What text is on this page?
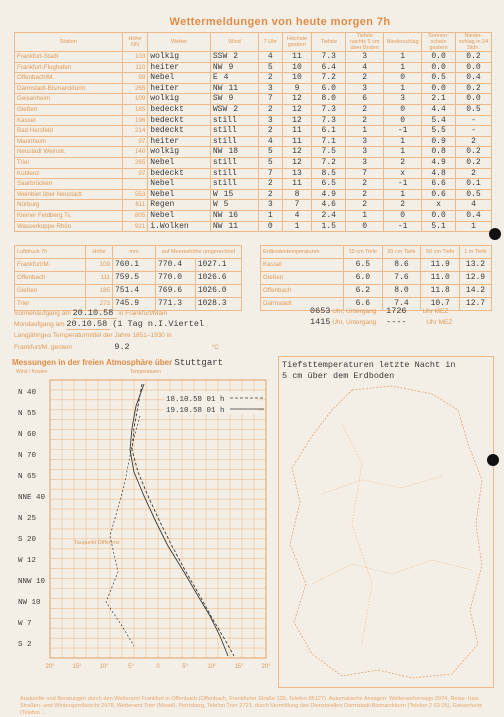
Wettermeldungen von heute morgen 7h
Station	Höhe NN	Wetter	Wind	7 Uhr	Höchste gestern	Tiefste	Tiefste nachts 5 cm über Boden	Niederschlag	Sonnen-schein gestern	Nieder-schlag in 24 Stdn.
Frankfurt-Stadt	103	wolkig	SSW 2	4	11	7.3	3	1	0.0	0.2
Frankfurt-Flughafen	110	heiter	NW 9	5	10	6.4	4	1	0.0	0.0
Offenbach/M.	99	Nebel	E 4	2	10	7.2	2	0	0.5	0.4
Darmstadt-Bismarckturm	265	heiter	NW 11	3	9	6.0	3	1	0.0	0.2
Geisenheim	109	wolkig	SW 9	7	12	8.0	6	3	2.1	0.0
Gießen	185	bedeckt	WSW 2	2	12	7.3	2	0	4.4	0.5
Kassel	196	bedeckt	still	3	12	7.3	2	0	5.4	-
Bad Hersfeld	214	bedeckt	still	2	11	6.1	1	-1	5.5	-
Mannheim	97	heiter	still	4	11	7.1	3	1	0.9	2
Neustadt Weinstr.	140	wolkig	NW 18	5	12	7.5	3	1	0.8	0.2
Trier	265	Nebel	still	5	12	7.2	3	2	4.9	0.2
Koblenz	97	bedeckt	still	7	13	8.5	7	x	4.8	2
Saarbrücken		Nebel	still	2	11	6.5	2	-1	6.6	0.1
Weinbiet über Neustadt	553	Nebel	W 15	2	8	4.9	2	1	0.6	0.5
Nürburg	611	Regen	W 5	3	7	4.6	2	2	x	4
Kleiner Feldberg Ts.	805	Nebel	NW 16	1	4	2.4	1	0	0.0	0.4
Wasserkuppe Rhön	921	i.Wolken	NW 11	0	1	1.5	0	-1	5.1	1
Luftdruck 7h	Höhe	mm	auf Meereshöhe umgerechnet	
Frankfurt/M.	109	760.1	770.4	1027.1
Offenbach	111	759.5	770.0	1026.6
Gießen	185	751.4	769.6	1026.0
Trier	273	745.9	771.3	1028.3
Erdbodentemperaturen	10 cm Tiefe	20 cm Tiefe	50 cm Tiefe	1 m Tiefe
Kassel	6.5	8.6	11.9	13.2
Gießen	6.0	7.6	11.0	12.9
Offenbach	6.2	8.0	11.8	14.2
Darmstadt	6.6	7.4	10.7	12.7
Sonnenaufgang am 20.10.58 in Frankfurt/Main
Mondaufgang am 20.10.58 (1 Tag n.I.Viertel
0653 Uhr, Untergang 1726 Uhr MEZ
1415 Uhr, Untergang ----	Uhr MEZ
Langjähriges Temperaturmittel der Jahre 1851–1930 in
Frankfurt/M. gestern	9.2	°C
Messungen in der freien Atmosphäre über Stuttgart
Wind / Knoten	Temperaturen
N 40
N 55
N 60
N 70
N 65
NNE 40
N 25
S 20
W 12
NNW 10
NW 10
W 7
S 2
20°	15°	10°	5°	0	5°	10°	15°	20°
18.10.58 01 h
19.10.58 01 h
Taupunkt Differenz
Tiefsttemperaturen letzte Nacht in
5 cm über dem Erdboden
Auskünfte und Beratungen durch den Wetteramt Frankfurt in Offenbach (Offenbach, Frankfurter Straße 135, Telefon 85127). Automatische Ansagen: Wettervorhersage 2974, Reise- bzw. Straßen- und Wintersportbericht 2978, Wetteramt Trier (Mosel), Petrisberg, Telefon Trier 2721, durch Vermittlung des Dienststellen Darmstadt-Bismarckturm (Telefon 2 63 05), Geisenheim (Telefon ...
